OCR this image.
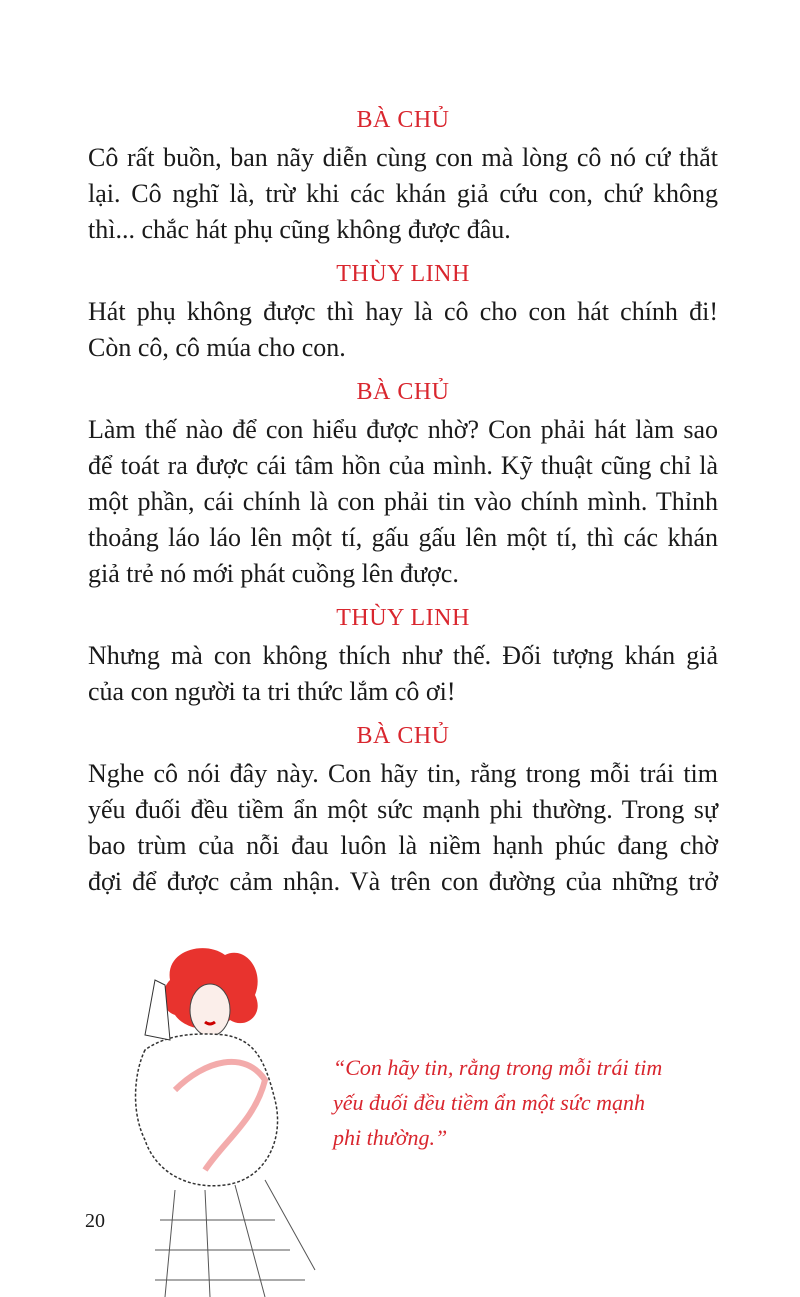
BÀ CHỦ
Cô rất buồn, ban nãy diễn cùng con mà lòng cô nó cứ thắt
lại. Cô nghĩ là, trừ khi các khán giả cứu con, chứ không
thì... chắc hát phụ cũng không được đâu.
THÙY LINH
Hát phụ không được thì hay là cô cho con hát chính đi!
Còn cô, cô múa cho con.
BÀ CHỦ
Làm thế nào để con hiểu được nhờ? Con phải hát làm sao
để toát ra được cái tâm hồn của mình. Kỹ thuật cũng chỉ là
một phần, cái chính là con phải tin vào chính mình. Thỉnh
thoảng láo láo lên một tí, gấu gấu lên một tí, thì các khán
giả trẻ nó mới phát cuồng lên được.
THÙY LINH
Nhưng mà con không thích như thế. Đối tượng khán giả
của con người ta tri thức lắm cô ơi!
BÀ CHỦ
Nghe cô nói đây này. Con hãy tin, rằng trong mỗi trái tim
yếu đuối đều tiềm ẩn một sức mạnh phi thường. Trong sự
bao trùm của nỗi đau luôn là niềm hạnh phúc đang chờ
đợi để được cảm nhận. Và trên con đường của những trở
“Con hãy tin, rằng trong mỗi trái tim
yếu đuối đều tiềm ẩn một sức mạnh
phi thường.”
20
